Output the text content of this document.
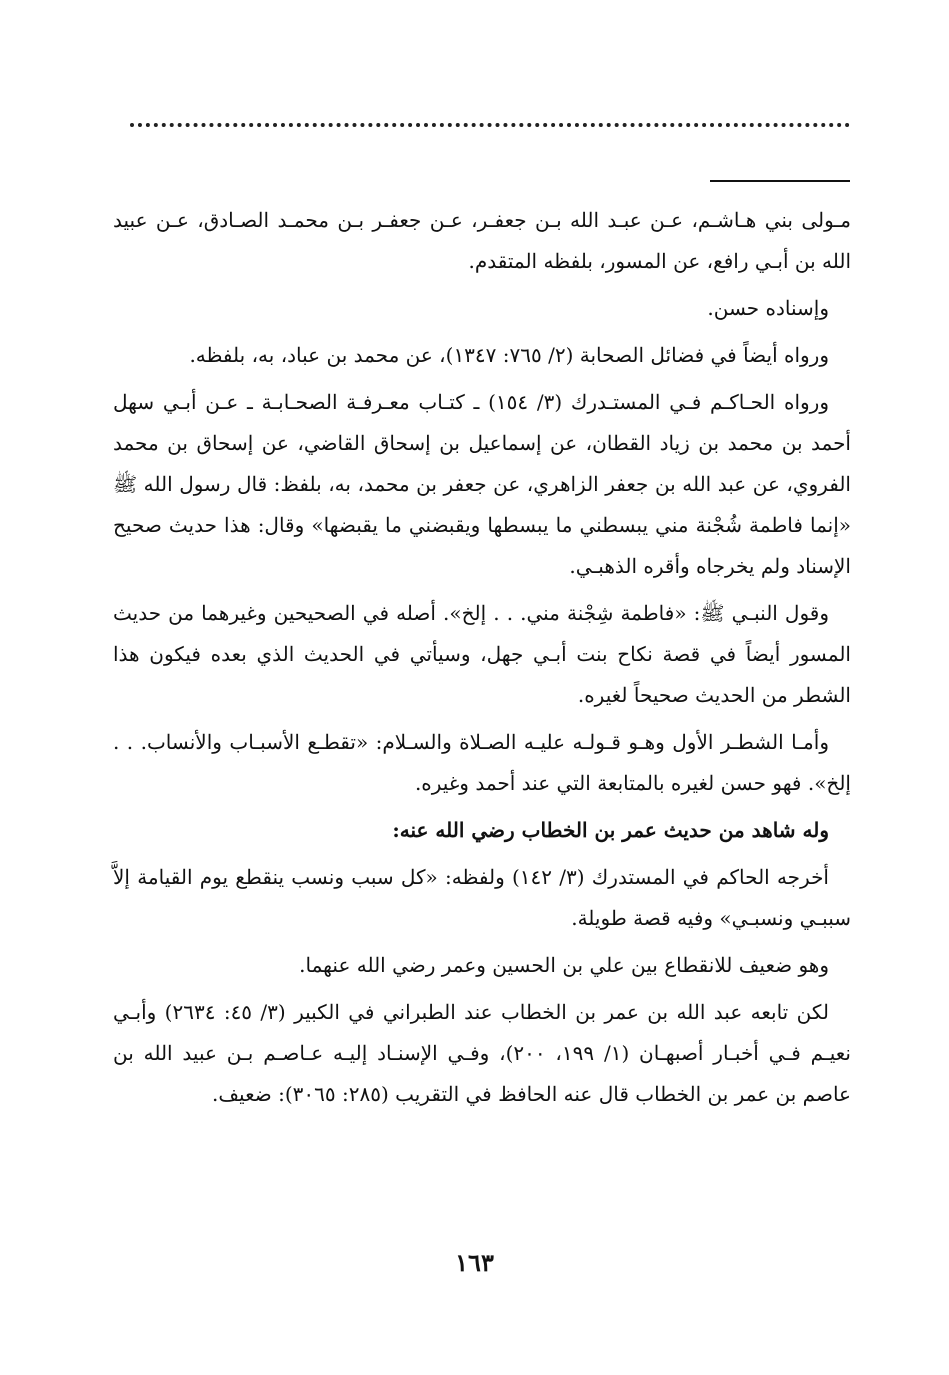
مـولى بني هـاشـم، عـن عبـد الله بـن جعفـر، عـن جعفـر بـن محمـد الصـادق، عـن عبيد الله بن أبـي رافع، عن المسور، بلفظه المتقدم.

وإسناده حسن.

ورواه أيضاً في فضائل الصحابة (٢/ ٧٦٥: ١٣٤٧)، عن محمد بن عباد، به، بلفظه.

ورواه الحـاكـم فـي المستـدرك (٣/ ١٥٤) ـ كتـاب معـرفـة الصحـابـة ـ عـن أبـي سهل أحمد بن محمد بن زياد القطان، عن إسماعيل بن إسحاق القاضي، عن إسحاق بن محمد الفروي، عن عبد الله بن جعفر الزاهري، عن جعفر بن محمد، به، بلفظ: قال رسول الله ﷺ «إنما فاطمة شُجْنة مني يبسطني ما يبسطها ويقبضني ما يقبضها» وقال: هذا حديث صحيح الإسناد ولم يخرجاه وأقره الذهبـي.

وقول النبـي ﷺ: «فاطمة شِجْنة مني. . . إلخ». أصله في الصحيحين وغيرهما من حديث المسور أيضاً في قصة نكاح بنت أبـي جهل، وسيأتي في الحديث الذي بعده فيكون هذا الشطر من الحديث صحيحاً لغيره.

وأمـا الشطـر الأول وهـو قـولـه عليـه الصـلاة والسـلام: «تقطـع الأسبـاب والأنساب. . . إلخ». فهو حسن لغيره بالمتابعة التي عند أحمد وغيره.

وله شاهد من حديث عمر بن الخطاب رضي الله عنه:

أخرجه الحاكم في المستدرك (٣/ ١٤٢) ولفظه: «كل سبب ونسب ينقطع يوم القيامة إلاَّ سببـي ونسبـي» وفيه قصة طويلة.

وهو ضعيف للانقطاع بين علي بن الحسين وعمر رضي الله عنهما.

لكن تابعه عبد الله بن عمر بن الخطاب عند الطبراني في الكبير (٣/ ٤٥: ٢٦٣٤) وأبـي نعيـم فـي أخبـار أصبهـان (١/ ١٩٩، ٢٠٠)، وفـي الإسنـاد إليـه عـاصـم بـن عبيد الله بن عاصم بن عمر بن الخطاب قال عنه الحافظ في التقريب (٢٨٥: ٣٠٦٥): ضعيف.

١٦٣
